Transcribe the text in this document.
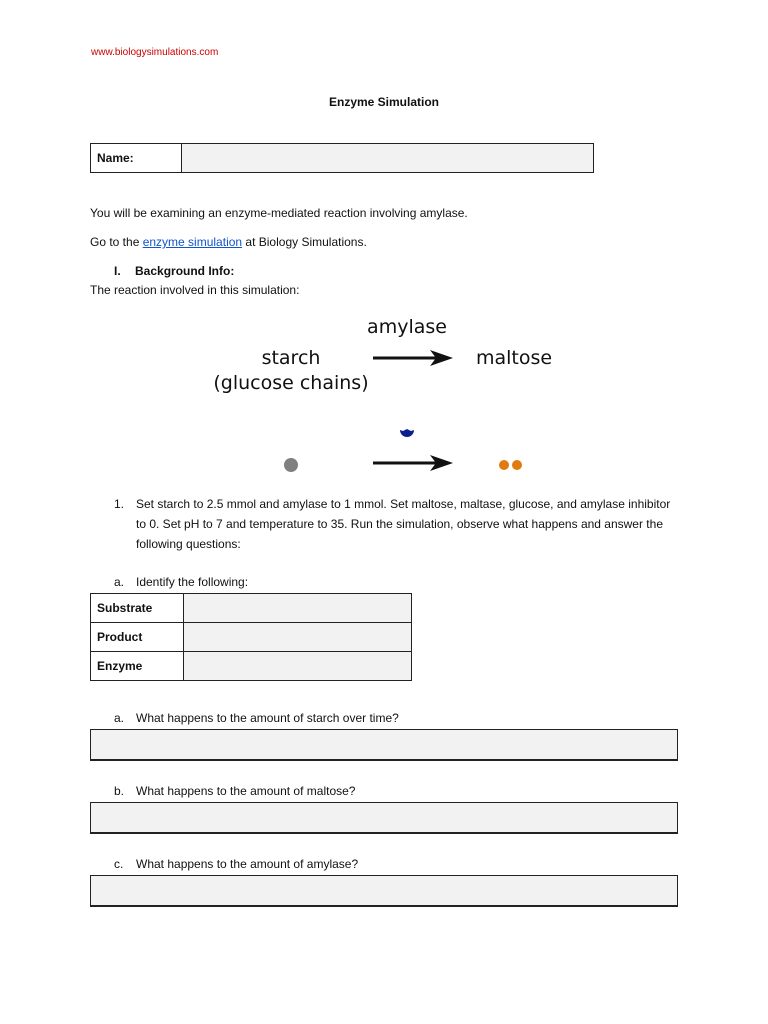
www.biologysimulations.com
Enzyme Simulation
Name:	
You will be examining an enzyme-mediated reaction involving amylase.
Go to the enzyme simulation at Biology Simulations.
I. Background Info:
The reaction involved in this simulation:
amylase
starch
(glucose chains)
maltose
1. Set starch to 2.5 mmol and amylase to 1 mmol. Set maltose, maltase, glucose, and amylase inhibitor to 0. Set pH to 7 and temperature to 35. Run the simulation, observe what happens and answer the following questions:
a. Identify the following:
Substrate	
Product	
Enzyme	
a. What happens to the amount of starch over time?
b. What happens to the amount of maltose?
c. What happens to the amount of amylase?
